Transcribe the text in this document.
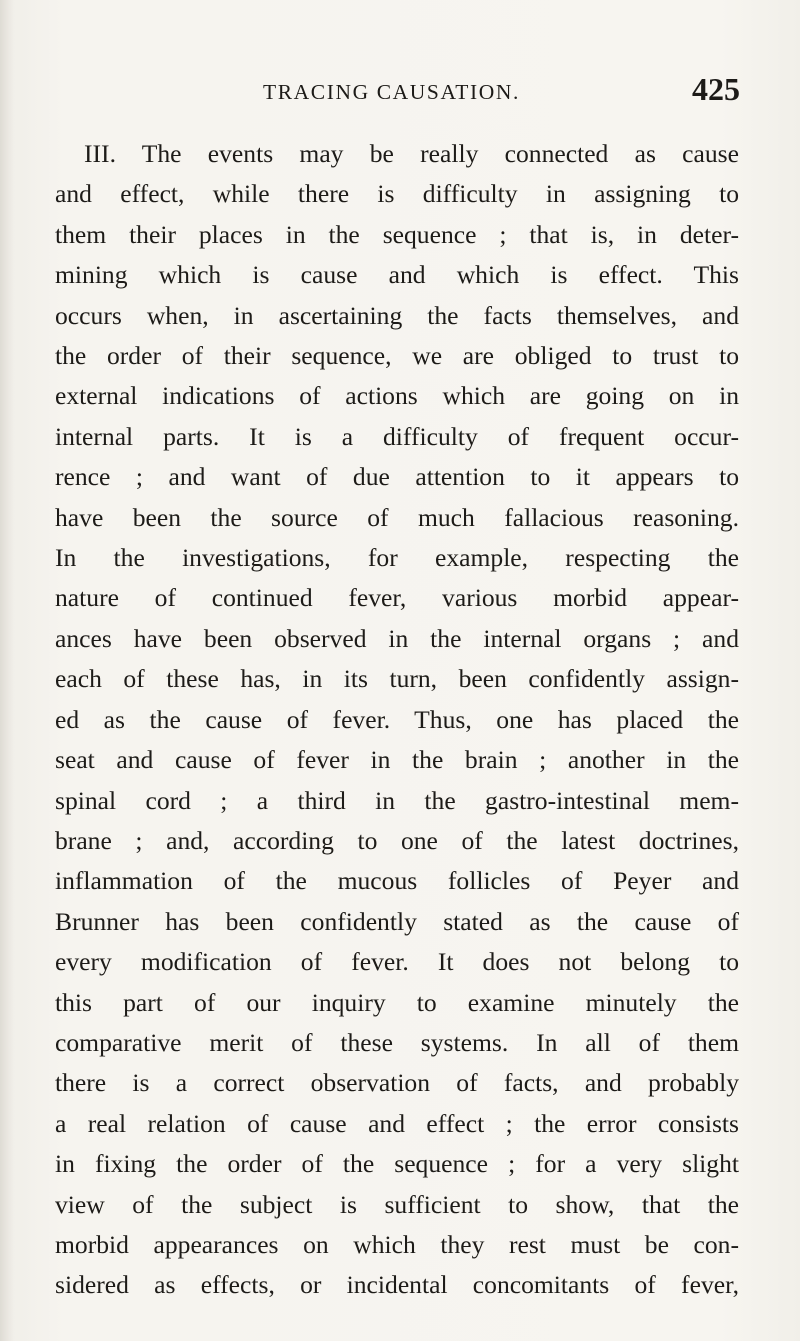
TRACING CAUSATION.	425
III. The events may be really connected as cause
and effect, while there is difficulty in assigning to
them their places in the sequence ; that is, in deter-
mining which is cause and which is effect. This
occurs when, in ascertaining the facts themselves, and
the order of their sequence, we are obliged to trust to
external indications of actions which are going on in
internal parts. It is a difficulty of frequent occur-
rence ; and want of due attention to it appears to
have been the source of much fallacious reasoning.
In the investigations, for example, respecting the
nature of continued fever, various morbid appear-
ances have been observed in the internal organs ; and
each of these has, in its turn, been confidently assign-
ed as the cause of fever. Thus, one has placed the
seat and cause of fever in the brain ; another in the
spinal cord ; a third in the gastro-intestinal mem-
brane ; and, according to one of the latest doctrines,
inflammation of the mucous follicles of Peyer and
Brunner has been confidently stated as the cause of
every modification of fever. It does not belong to
this part of our inquiry to examine minutely the
comparative merit of these systems. In all of them
there is a correct observation of facts, and probably
a real relation of cause and effect ; the error consists
in fixing the order of the sequence ; for a very slight
view of the subject is sufficient to show, that the
morbid appearances on which they rest must be con-
sidered as effects, or incidental concomitants of fever,
